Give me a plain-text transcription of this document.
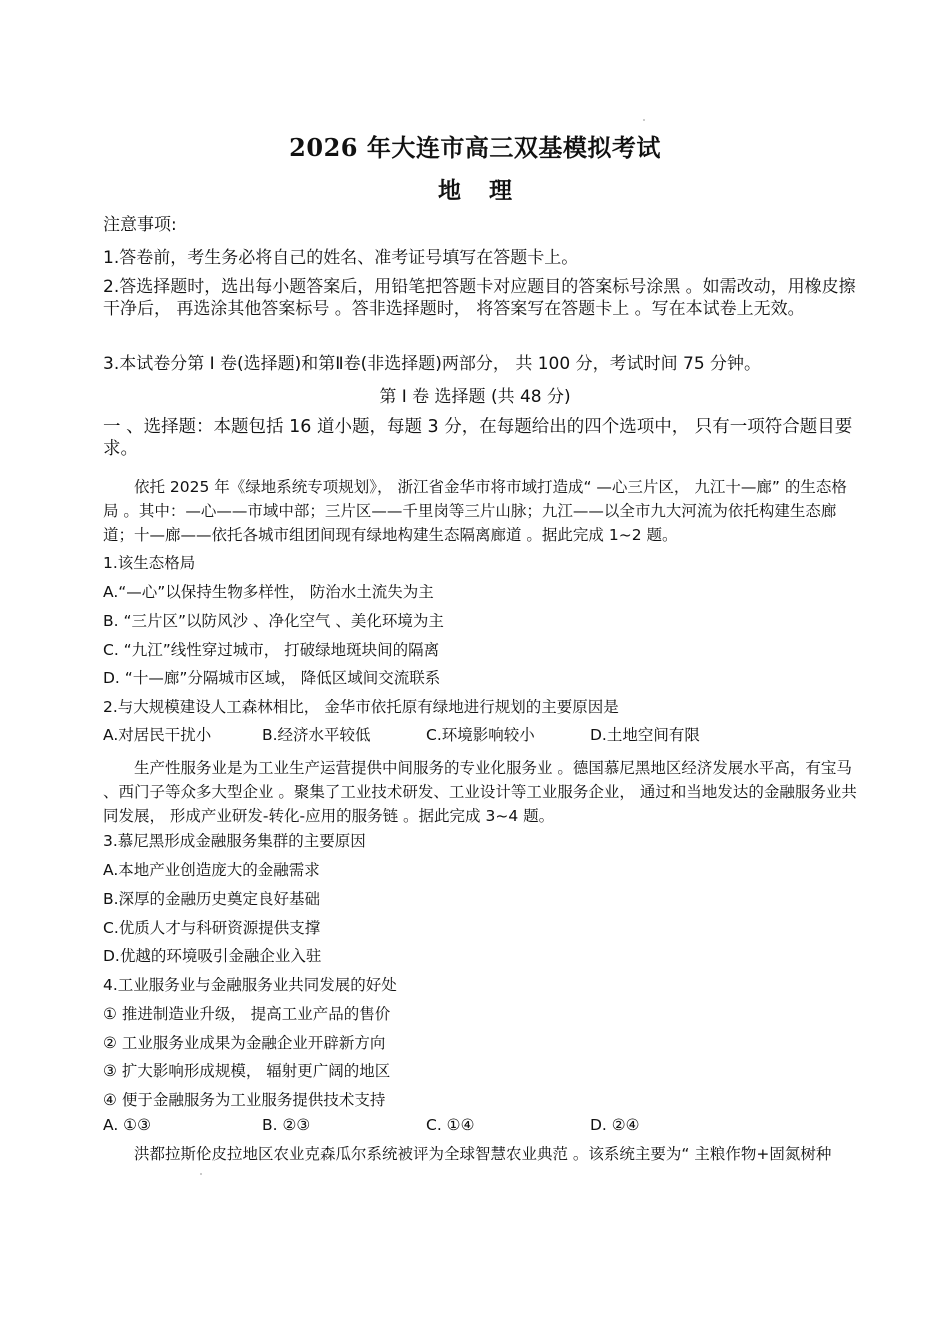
2026 年大连市高三双基模拟考试
地 理
注意事项:
1.答卷前，考生务必将自己的姓名、准考证号填写在答题卡上。
2.答选择题时，选出每小题答案后，用铅笔把答题卡对应题目的答案标号涂黑 。如需改动，用橡皮擦干净后， 再选涂其他答案标号 。答非选择题时， 将答案写在答题卡上 。写在本试卷上无效。
3.本试卷分第 Ⅰ 卷(选择题)和第Ⅱ卷(非选择题)两部分， 共 100 分，考试时间 75 分钟。
第 Ⅰ 卷 选择题 (共 48 分)
一 、选择题：本题包括 16 道小题，每题 3 分，在每题给出的四个选项中， 只有一项符合题目要求。
依托 2025 年《绿地系统专项规划》， 浙江省金华市将市域打造成“ —心三片区， 九江十—廊” 的生态格局 。其中：—心——市域中部；三片区——千里岗等三片山脉；九江——以全市九大河流为依托构建生态廊道；十—廊——依托各城市组团间现有绿地构建生态隔离廊道 。据此完成 1~2 题。
1.该生态格局
A.“—心”以保持生物多样性， 防治水土流失为主
B. “三片区”以防风沙 、净化空气 、美化环境为主
C. “九江”线性穿过城市， 打破绿地斑块间的隔离
D. “十—廊”分隔城市区域， 降低区域间交流联系
2.与大规模建设人工森林相比， 金华市依托原有绿地进行规划的主要原因是
A.对居民干扰小	B.经济水平较低	C.环境影响较小	D.土地空间有限
生产性服务业是为工业生产运营提供中间服务的专业化服务业 。德国慕尼黑地区经济发展水平高，有宝马 、西门子等众多大型企业 。聚集了工业技术研发、工业设计等工业服务企业， 通过和当地发达的金融服务业共同发展， 形成产业研发-转化-应用的服务链 。据此完成 3~4 题。
3.慕尼黑形成金融服务集群的主要原因
A.本地产业创造庞大的金融需求
B.深厚的金融历史奠定良好基础
C.优质人才与科研资源提供支撑
D.优越的环境吸引金融企业入驻
4.工业服务业与金融服务业共同发展的好处
① 推进制造业升级， 提高工业产品的售价
② 工业服务业成果为金融企业开辟新方向
③ 扩大影响形成规模， 辐射更广阔的地区
④ 便于金融服务为工业服务提供技术支持
A. ①③	B. ②③	C. ①④	D. ②④
洪都拉斯伦皮拉地区农业克森瓜尔系统被评为全球智慧农业典范 。该系统主要为“ 主粮作物+固氮树种
